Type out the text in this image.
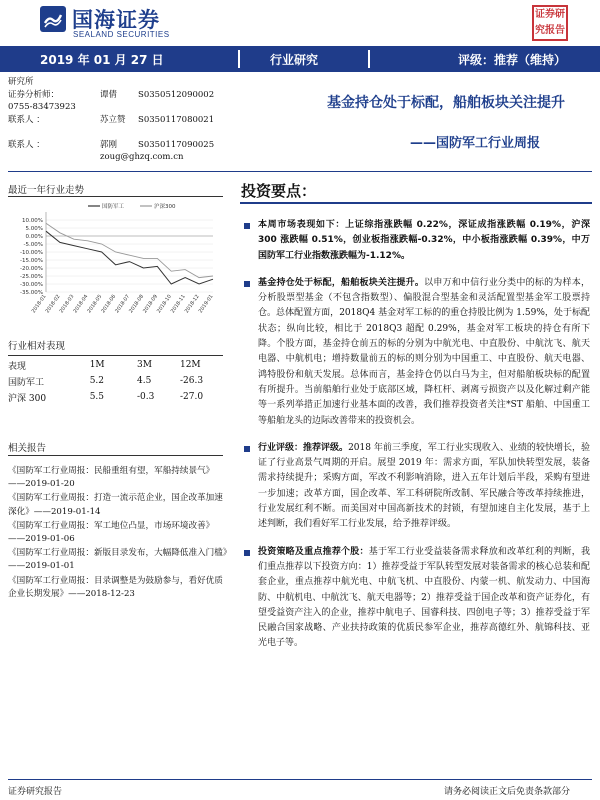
国海证券
SEALAND SECURITIES
证券研究报告
2019 年 01 月 27 日	行业研究	评级：推荐（维持）
研究所
证券分析师：	谭倩 S0350512090002
0755-83473923
联系人 ：	苏立赞 S0350117080021
联系人 ：	郭刚 S0350117090025
zoug@ghzq.com.cn
基金持仓处于标配，船舶板块关注提升
——国防军工行业周报
最近一年行业走势
10.00%
5.00%
0.00%
-5.00%
-10.00%
-15.00%
-20.00%
-25.00%
-30.00%
-35.00%
2018-01
2018-02
2018-03
2018-04
2018-05
2018-06
2018-07
2018-08
2018-09
2018-10
2018-11
2018-12
2019-01
国防军工	沪深300
行业相对表现
表现	1M	3M	12M
国防军工	5.2	4.5	-26.3
沪深 300	5.5	-0.3	-27.0
相关报告

《国防军工行业周报：民船重组有望，军船持续景气》——2019-01-20

《国防军工行业周报：打造一流示范企业，国企改革加速深化》——2019-01-14

《国防军工行业周报：军工地位凸显，市场环境改善》——2019-01-06

《国防军工行业周报：新版目录发布，大幅降低准入门槛》——2019-01-01

《国防军工行业周报：目录调整是为鼓励参与，看好优质企业长期发展》——2018-12-23

投资要点：
本周市场表现如下：上证综指涨跌幅 0.22%，深证成指涨跌幅 0.19%，沪深 300 涨跌幅 0.51%，创业板指涨跌幅-0.32%，中小板指涨跌幅 0.39%，中万国防军工行业指数涨跌幅为-1.12%。
基金持仓处于标配，船舶板块关注提升。以申万和中信行业分类中的标的为样本，分析股票型基金（不包含指数型）、偏股混合型基金和灵活配置型基金军工股票持仓。总体配置方面，2018Q4 基金对军工标的的重仓持股比例为 1.59%，处于标配状态；纵向比较，相比于 2018Q3 超配 0.29%，基金对军工板块的持仓有所下降。个股方面，基金持仓前五的标的分别为中航光电、中直股份、中航沈飞、航天电器、中航机电；增持数量前五的标的则分别为中国重工、中直股份、航天电器、鸿特股份和航天发展。总体而言，基金持仓仍以白马为主，但对船舶板块标的配置有所提升。当前船舶行业处于底部区域，降杠杆、剥离亏损资产以及化解过剩产能等一系列举措正加速行业基本面的改善，我们推荐投资者关注*ST 船舶、中国重工等船舶龙头的边际改善带来的投资机会。
行业评级：推荐评级。2018 年前三季度，军工行业实现收入、业绩的较快增长，验证了行业高景气周期的开启。展望 2019 年：需求方面，军队加快转型发展，装备需求持续提升；采购方面，军改不利影响消除，进入五年计划后半段，采购有望进一步加速；改革方面，国企改革、军工科研院所改制、军民融合等改革持续推进，行业发展红利不断。而美国对中国高新技术的封锁，有望加速自主化发展，基于上述判断，我们看好军工行业发展，给予推荐评级。
投资策略及重点推荐个股：基于军工行业受益装备需求释放和改革红利的判断，我们重点推荐以下投资方向：1）推荐受益于军队转型发展对装备需求的核心总装和配套企业，重点推荐中航光电、中航飞机、中直股份、内蒙一机、航发动力、中国海防、中航机电、中航沈飞、航天电器等；2）推荐受益于国企改革和资产证券化，有望受益资产注入的企业，推荐中航电子、国睿科技、四创电子等；3）推荐受益于军民融合国家战略、产业扶持政策的优质民参军企业，推荐高德红外、航锦科技、亚光电子等。
证券研究报告	请务必阅读正文后免责条款部分
